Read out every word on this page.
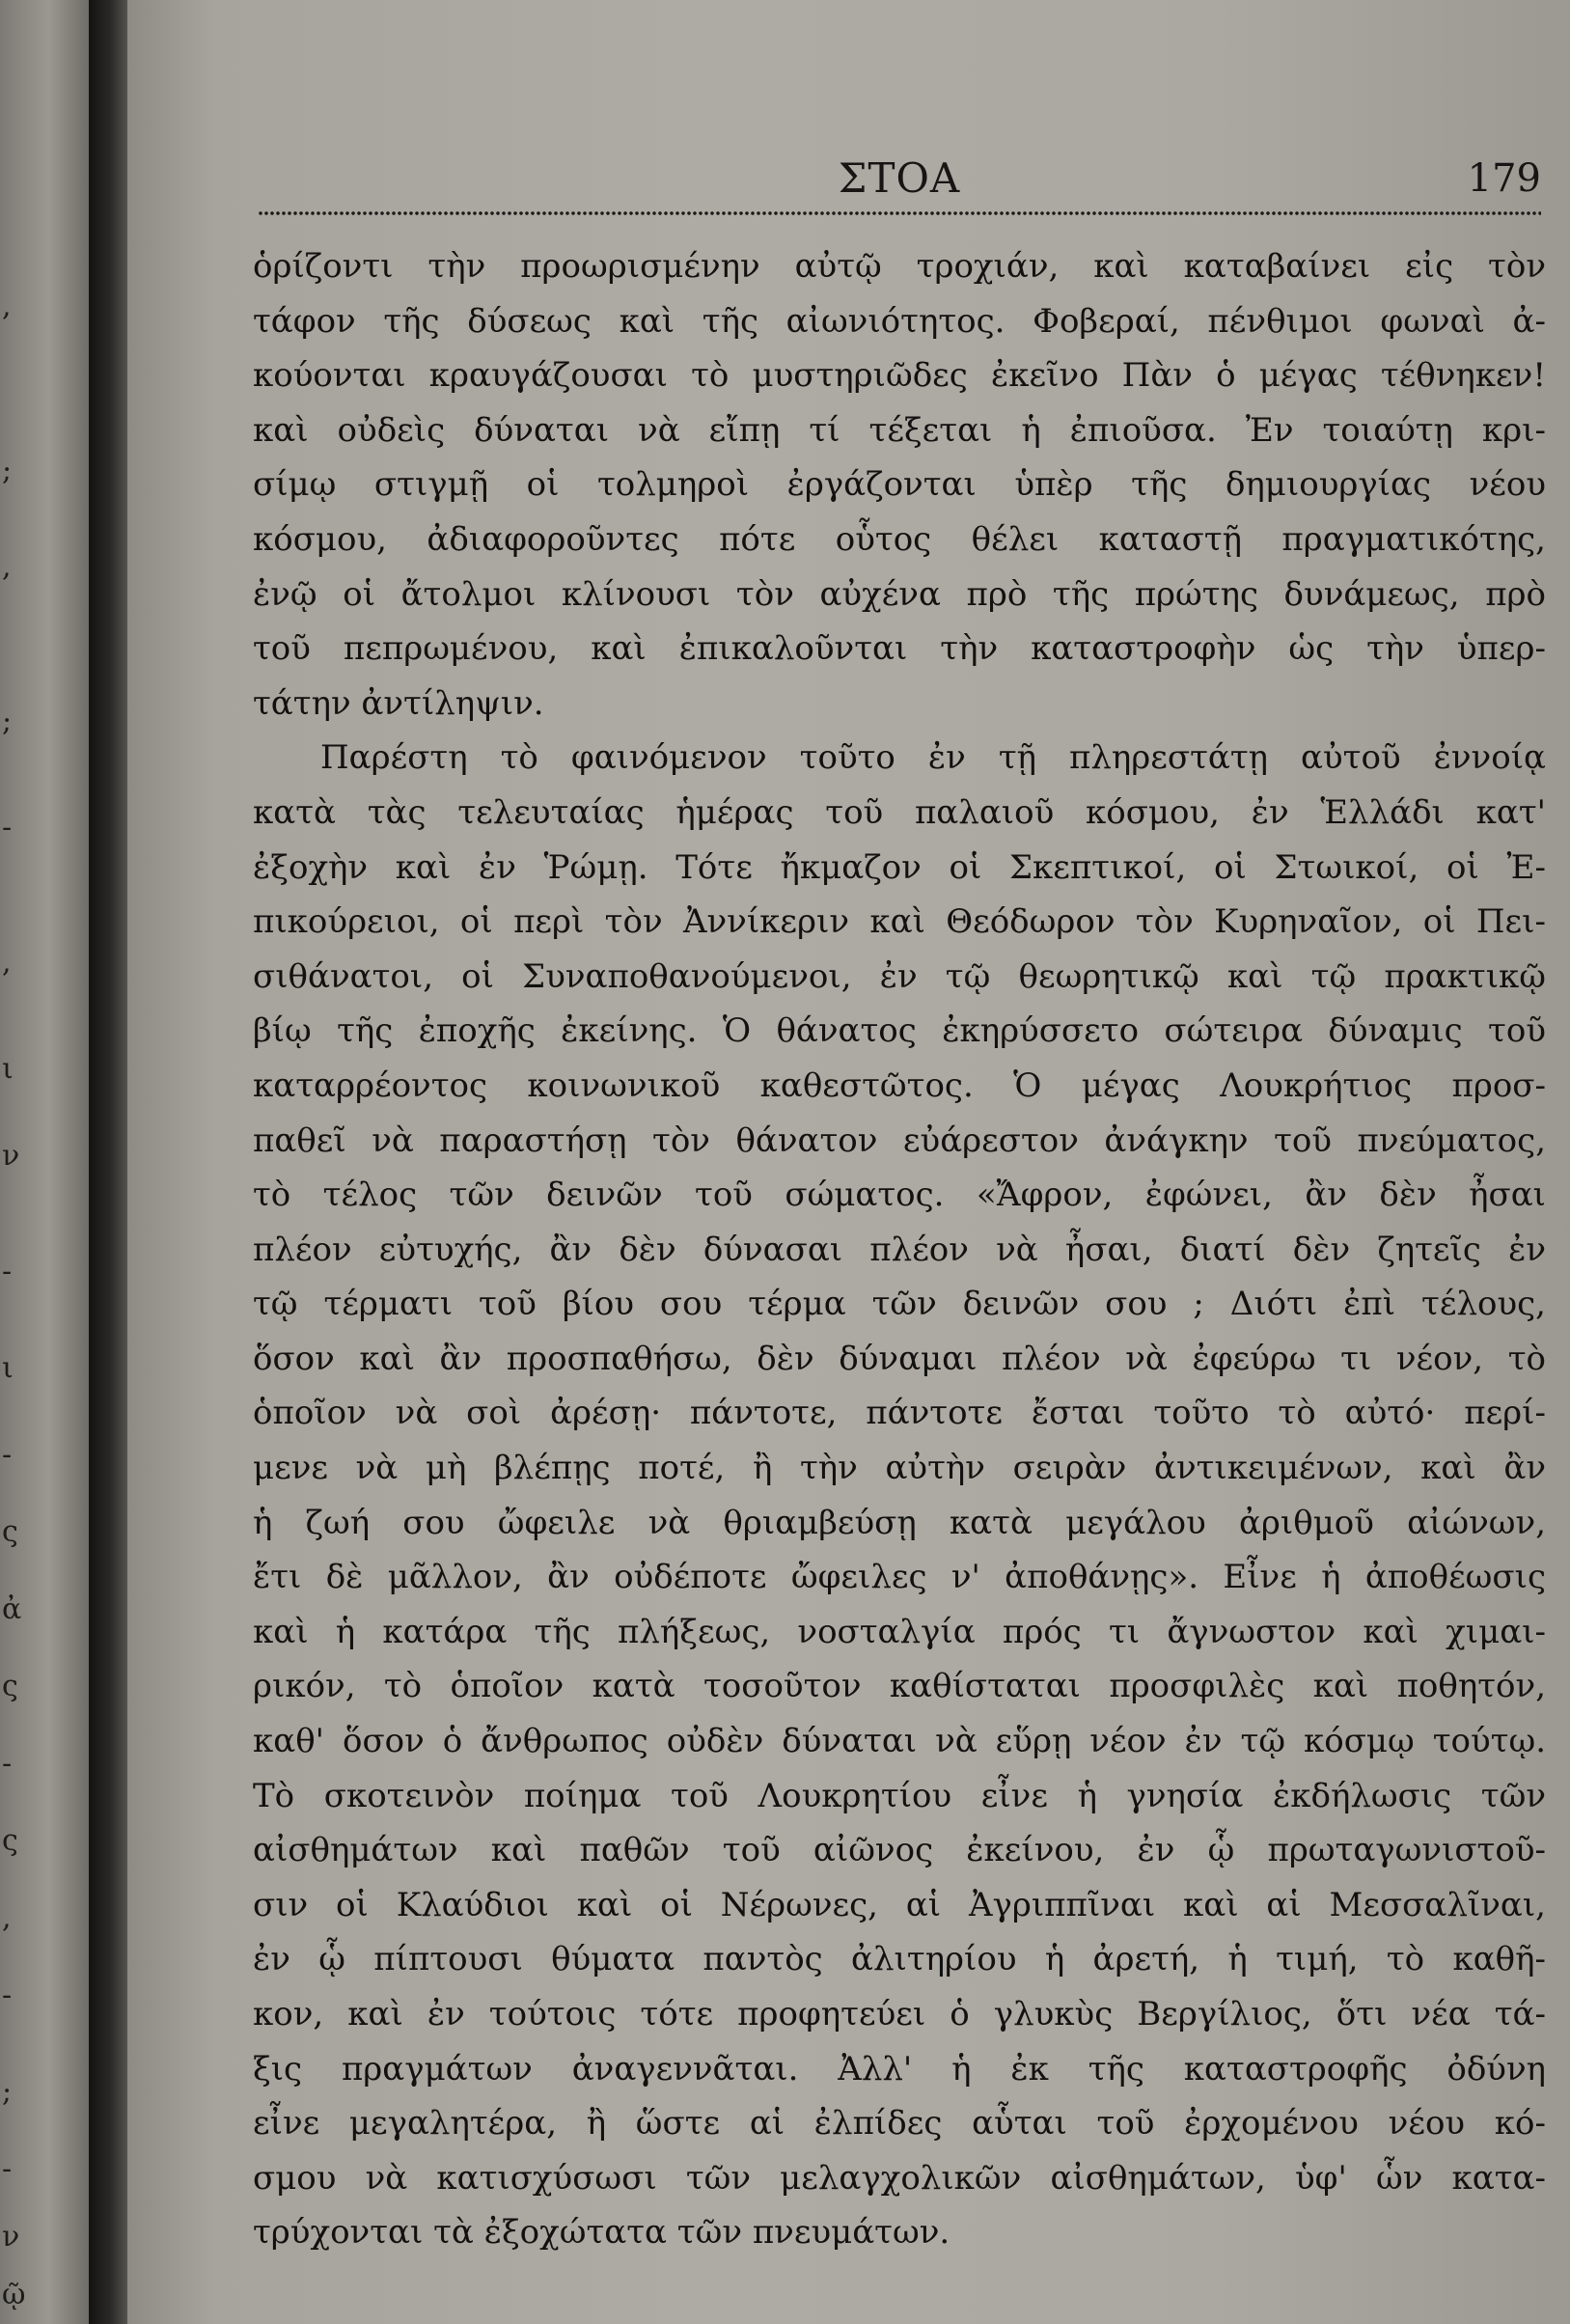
,
;
,
;
-
,
ι
ν
-
ι
-
ς
ἀ
ς
-
ς
,
-
;
-
ν
ῷ
ΣΤΟΑ	179
ὁρίζοντι τὴν προωρισμένην αὐτῷ τροχιάν, καὶ καταβαίνει εἰς τὸν
τάφον τῆς δύσεως καὶ τῆς αἰωνιότητος. Φοβεραί, πένθιμοι φωναὶ ἀ-
κούονται κραυγάζουσαι τὸ μυστηριῶδες ἐκεῖνο Πὰν ὁ μέγας τέθνηκεν!
καὶ οὐδεὶς δύναται νὰ εἴπῃ τί τέξεται ἡ ἐπιοῦσα. Ἐν τοιαύτῃ κρι-
σίμῳ στιγμῇ οἱ τολμηροὶ ἐργάζονται ὑπὲρ τῆς δημιουργίας νέου
κόσμου, ἀδιαφοροῦντες πότε οὗτος θέλει καταστῇ πραγματικότης,
ἐνῷ οἱ ἄτολμοι κλίνουσι τὸν αὐχένα πρὸ τῆς πρώτης δυνάμεως, πρὸ
τοῦ πεπρωμένου, καὶ ἐπικαλοῦνται τὴν καταστροφὴν ὡς τὴν ὑπερ-
τάτην ἀντίληψιν.
Παρέστη τὸ φαινόμενον τοῦτο ἐν τῇ πληρεστάτῃ αὐτοῦ ἐννοίᾳ
κατὰ τὰς τελευταίας ἡμέρας τοῦ παλαιοῦ κόσμου, ἐν Ἑλλάδι κατ'
ἐξοχὴν καὶ ἐν Ῥώμῃ. Τότε ἤκμαζον οἱ Σκεπτικοί, οἱ Στωικοί, οἱ Ἐ-
πικούρειοι, οἱ περὶ τὸν Ἀννίκεριν καὶ Θεόδωρον τὸν Κυρηναῖον, οἱ Πει-
σιθάνατοι, οἱ Συναποθανούμενοι, ἐν τῷ θεωρητικῷ καὶ τῷ πρακτικῷ
βίῳ τῆς ἐποχῆς ἐκείνης. Ὁ θάνατος ἐκηρύσσετο σώτειρα δύναμις τοῦ
καταρρέοντος κοινωνικοῦ καθεστῶτος. Ὁ μέγας Λουκρήτιος προσ-
παθεῖ νὰ παραστήσῃ τὸν θάνατον εὐάρεστον ἀνάγκην τοῦ πνεύματος,
τὸ τέλος τῶν δεινῶν τοῦ σώματος. «Ἄφρον, ἐφώνει, ἂν δὲν ἦσαι
πλέον εὐτυχής, ἂν δὲν δύνασαι πλέον νὰ ἦσαι, διατί δὲν ζητεῖς ἐν
τῷ τέρματι τοῦ βίου σου τέρμα τῶν δεινῶν σου ; Διότι ἐπὶ τέλους,
ὅσον καὶ ἂν προσπαθήσω, δὲν δύναμαι πλέον νὰ ἐφεύρω τι νέον, τὸ
ὁποῖον νὰ σοὶ ἀρέσῃ· πάντοτε, πάντοτε ἔσται τοῦτο τὸ αὐτό· περί-
μενε νὰ μὴ βλέπῃς ποτέ, ἢ τὴν αὐτὴν σειρὰν ἀντικειμένων, καὶ ἂν
ἡ ζωή σου ὤφειλε νὰ θριαμβεύσῃ κατὰ μεγάλου ἀριθμοῦ αἰώνων,
ἔτι δὲ μᾶλλον, ἂν οὐδέποτε ὤφειλες ν' ἀποθάνῃς». Εἶνε ἡ ἀποθέωσις
καὶ ἡ κατάρα τῆς πλήξεως, νοσταλγία πρός τι ἄγνωστον καὶ χιμαι-
ρικόν, τὸ ὁποῖον κατὰ τοσοῦτον καθίσταται προσφιλὲς καὶ ποθητόν,
καθ' ὅσον ὁ ἄνθρωπος οὐδὲν δύναται νὰ εὕρῃ νέον ἐν τῷ κόσμῳ τούτῳ.
Τὸ σκοτεινὸν ποίημα τοῦ Λουκρητίου εἶνε ἡ γνησία ἐκδήλωσις τῶν
αἰσθημάτων καὶ παθῶν τοῦ αἰῶνος ἐκείνου, ἐν ᾧ πρωταγωνιστοῦ-
σιν οἱ Κλαύδιοι καὶ οἱ Νέρωνες, αἱ Ἀγριππῖναι καὶ αἱ Μεσσαλῖναι,
ἐν ᾧ πίπτουσι θύματα παντὸς ἀλιτηρίου ἡ ἀρετή, ἡ τιμή, τὸ καθῆ-
κον, καὶ ἐν τούτοις τότε προφητεύει ὁ γλυκὺς Βεργίλιος, ὅτι νέα τά-
ξις πραγμάτων ἀναγεννᾶται. Ἀλλ' ἡ ἐκ τῆς καταστροφῆς ὀδύνη
εἶνε μεγαλητέρα, ἢ ὥστε αἱ ἐλπίδες αὗται τοῦ ἐρχομένου νέου κό-
σμου νὰ κατισχύσωσι τῶν μελαγχολικῶν αἰσθημάτων, ὑφ' ὧν κατα-
τρύχονται τὰ ἐξοχώτατα τῶν πνευμάτων.
